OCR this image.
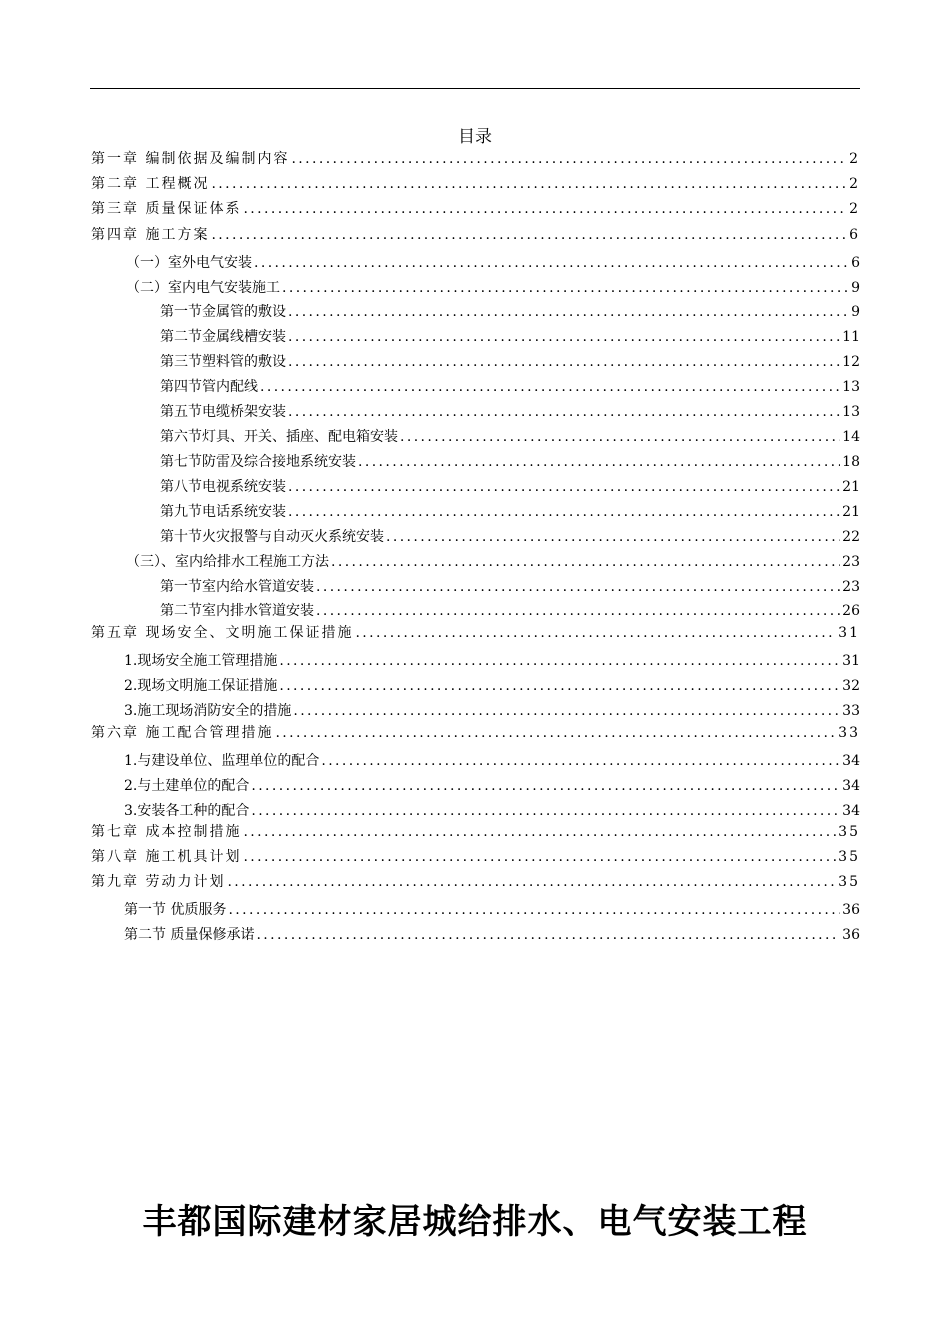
目录
第一章 编制依据及编制内容 .....	2
第二章 工程概况 .....	2
第三章 质量保证体系 .....	2
第四章 施工方案 .....	6
（一）室外电气安装 .....	6
（二）室内电气安装施工 .....	9
第一节金属管的敷设 .....	9
第二节金属线槽安装 .....	11
第三节塑料管的敷设 .....	12
第四节管内配线 .....	13
第五节电缆桥架安装 .....	13
第六节灯具、开关、插座、配电箱安装 .....	14
第七节防雷及综合接地系统安装 .....	18
第八节电视系统安装 .....	21
第九节电话系统安装 .....	21
第十节火灾报警与自动灭火系统安装 .....	22
（三）、室内给排水工程施工方法 .....	23
第一节室内给水管道安装 .....	23
第二节室内排水管道安装 .....	26
第五章 现场安全、文明施工保证措施 .....	31
1.现场安全施工管理措施 .....	31
2.现场文明施工保证措施 .....	32
3.施工现场消防安全的措施 .....	33
第六章 施工配合管理措施 .....	33
1.与建设单位、监理单位的配合 .....	34
2.与土建单位的配合 .....	34
3.安装各工种的配合 .....	34
第七章 成本控制措施 .....	35
第八章 施工机具计划 .....	35
第九章 劳动力计划 .....	35
第一节 优质服务 .....	36
第二节 质量保修承诺 .....	36
丰都国际建材家居城给排水、电气安装工程
